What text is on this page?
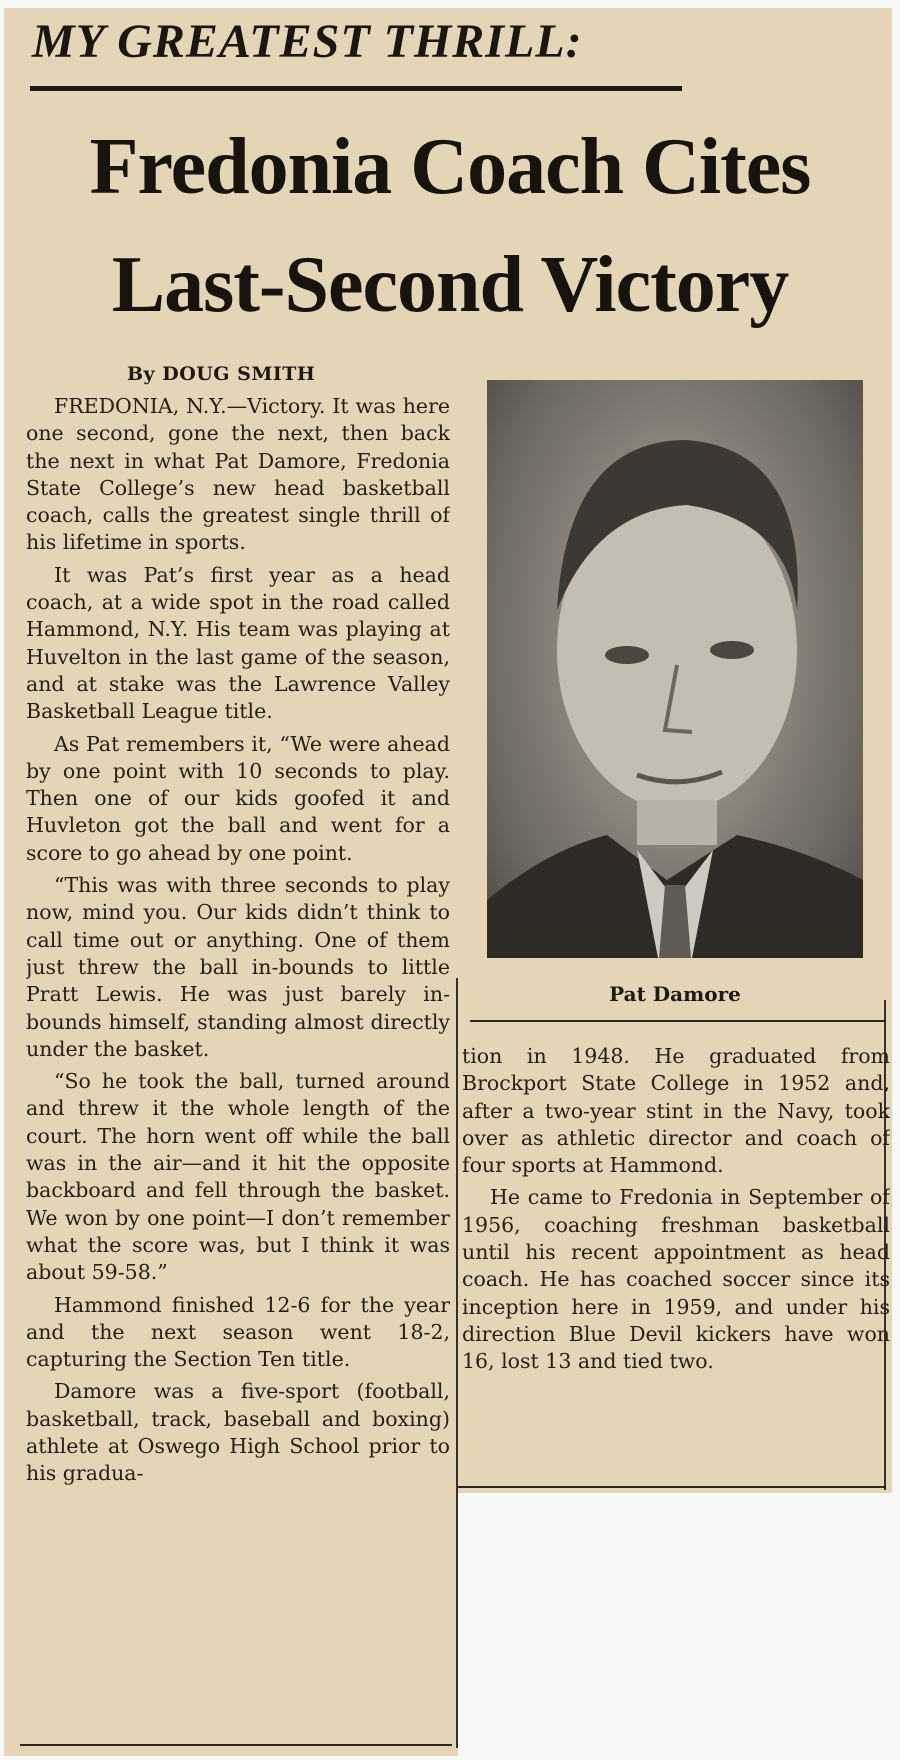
MY GREATEST THRILL:
Fredonia Coach Cites
Last-Second Victory

By DOUG SMITH

FREDONIA, N.Y.—Victory. It was here one second, gone the next, then back the next in what Pat Damore, Fredonia State College’s new head basketball coach, calls the greatest single thrill of his lifetime in sports.

It was Pat’s first year as a head coach, at a wide spot in the road called Hammond, N.Y. His team was playing at Huvelton in the last game of the season, and at stake was the Lawrence Valley Basketball League title.

As Pat remembers it, “We were ahead by one point with 10 seconds to play. Then one of our kids goofed it and Huvleton got the ball and went for a score to go ahead by one point.

“This was with three seconds to play now, mind you. Our kids didn’t think to call time out or anything. One of them just threw the ball in-bounds to little Pratt Lewis. He was just barely in-bounds himself, standing almost directly under the basket.

“So he took the ball, turned around and threw it the whole length of the court. The horn went off while the ball was in the air—and it hit the opposite backboard and fell through the basket. We won by one point—I don’t remember what the score was, but I think it was about 59-58.”

Hammond finished 12-6 for the year and the next season went 18-2, capturing the Section Ten title.

Damore was a five-sport (football, basketball, track, baseball and boxing) athlete at Oswego High School prior to his gradua-

Pat Damore

tion in 1948. He graduated from Brockport State College in 1952 and, after a two-year stint in the Navy, took over as athletic director and coach of four sports at Hammond.

He came to Fredonia in September of 1956, coaching freshman basketball until his recent appointment as head coach. He has coached soccer since its inception here in 1959, and under his direction Blue Devil kickers have won 16, lost 13 and tied two.
